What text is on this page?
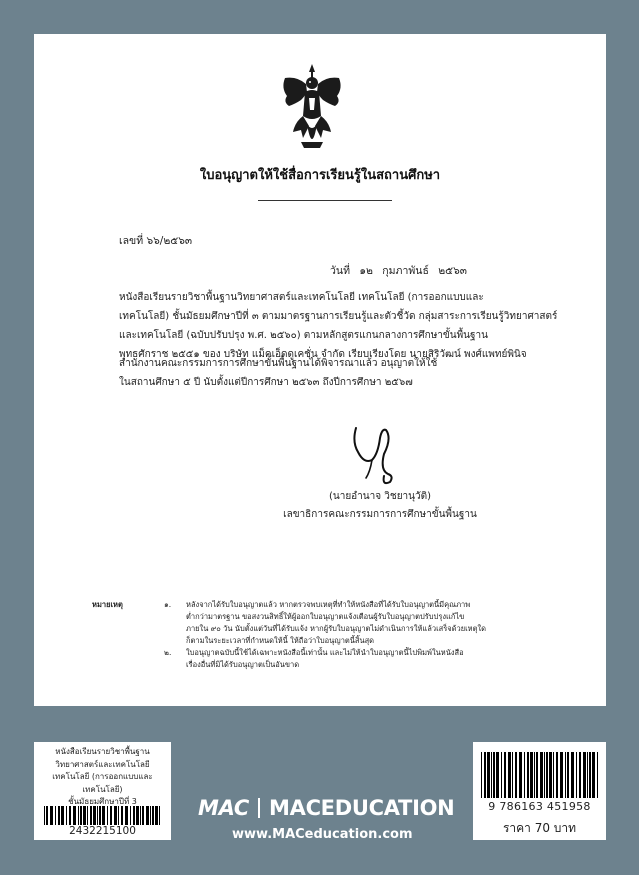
ใบอนุญาตให้ใช้สื่อการเรียนรู้ในสถานศึกษา
เลขที่ ๖๖/๒๕๖๓
วันที่ ๑๒ กุมภาพันธ์ ๒๕๖๓
หนังสือเรียนรายวิชาพื้นฐานวิทยาศาสตร์และเทคโนโลยี เทคโนโลยี (การออกแบบและ
เทคโนโลยี) ชั้นมัธยมศึกษาปีที่ ๓ ตามมาตรฐานการเรียนรู้และตัวชี้วัด กลุ่มสาระการเรียนรู้วิทยาศาสตร์
และเทคโนโลยี (ฉบับปรับปรุง พ.ศ. ๒๕๖๐) ตามหลักสูตรแกนกลางการศึกษาขั้นพื้นฐาน
พุทธศักราช ๒๕๕๑ ของ บริษัท แม็คเอ็ดดูเคชั่น จำกัด เรียบเรียงโดย นายสิริวัฒน์ พงศ์แพทย์พินิจ
สำนักงานคณะกรรมการการศึกษาขั้นพื้นฐานได้พิจารณาแล้ว อนุญาตให้ใช้
ในสถานศึกษา ๕ ปี นับตั้งแต่ปีการศึกษา ๒๕๖๓ ถึงปีการศึกษา ๒๕๖๗
(นายอำนาจ วิชยานุวัติ)
เลขาธิการคณะกรรมการการศึกษาขั้นพื้นฐาน
หมายเหตุ	๑. หลังจากได้รับใบอนุญาตแล้ว หากตรวจพบเหตุที่ทำให้หนังสือที่ได้รับใบอนุญาตนี้มีคุณภาพ
ต่ำกว่ามาตรฐาน ขอสงวนสิทธิ์ให้ผู้ออกใบอนุญาตแจ้งเตือนผู้รับใบอนุญาตปรับปรุงแก้ไข
ภายใน ๙๐ วัน นับตั้งแต่วันที่ได้รับแจ้ง หากผู้รับใบอนุญาตไม่ดำเนินการให้แล้วเสร็จด้วยเหตุใด
ก็ตามในระยะเวลาที่กำหนดให้นี้ ให้ถือว่าใบอนุญาตนี้สิ้นสุด
๒. ใบอนุญาตฉบับนี้ใช้ได้เฉพาะหนังสือนี้เท่านั้น และไม่ให้นำใบอนุญาตนี้ไปพิมพ์ในหนังสือ
เรื่องอื่นที่มิได้รับอนุญาตเป็นอันขาด
หนังสือเรียนรายวิชาพื้นฐาน
วิทยาศาสตร์และเทคโนโลยี
เทคโนโลยี (การออกแบบและเทคโนโลยี)
ชั้นมัธยมศึกษาปีที่ 3
2432215100
MAC MACEDUCATION
www.MACeducation.com
9 786163 451958
ราคา 70 บาท
